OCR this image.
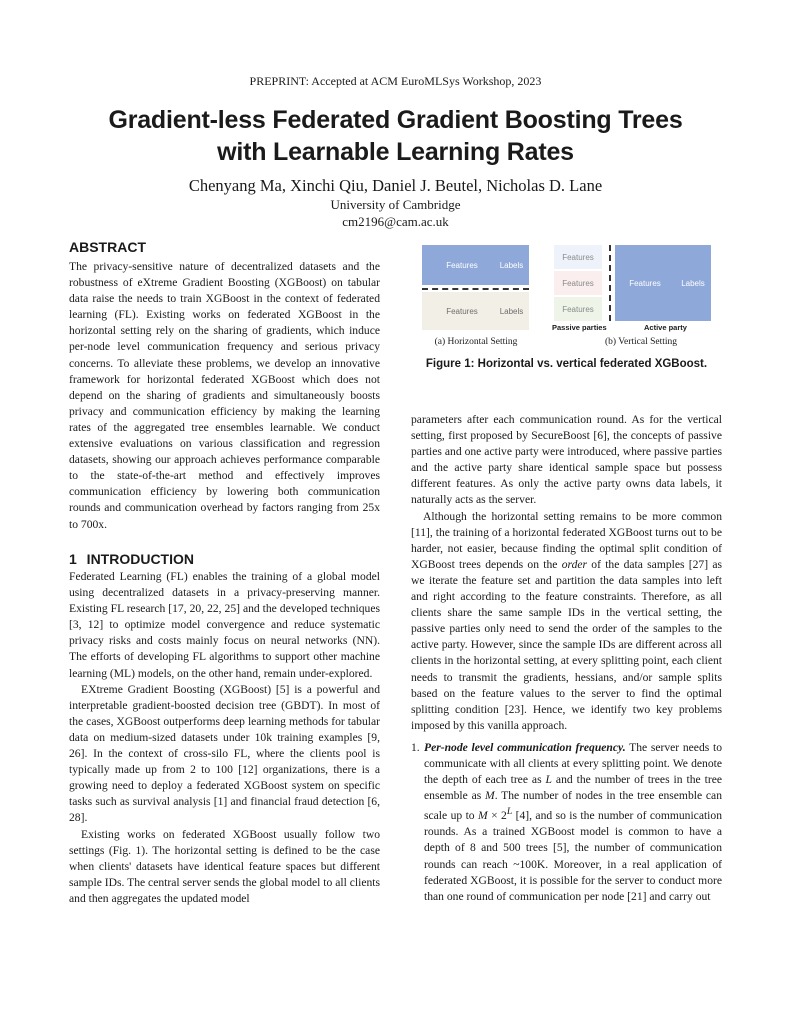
PREPRINT: Accepted at ACM EuroMLSys Workshop, 2023
Gradient-less Federated Gradient Boosting Trees
with Learnable Learning Rates
Chenyang Ma, Xinchi Qiu, Daniel J. Beutel, Nicholas D. Lane
University of Cambridge
cm2196@cam.ac.uk
ABSTRACT

The privacy-sensitive nature of decentralized datasets and the robustness of eXtreme Gradient Boosting (XGBoost) on tabular data raise the needs to train XGBoost in the context of federated learning (FL). Existing works on federated XGBoost in the horizontal setting rely on the sharing of gradients, which induce per-node level communication frequency and serious privacy concerns. To alleviate these problems, we develop an innovative framework for horizontal federated XGBoost which does not depend on the sharing of gradients and simultaneously boosts privacy and communication efficiency by making the learning rates of the aggregated tree ensembles learnable. We conduct extensive evaluations on various classification and regression datasets, showing our approach achieves performance comparable to the state-of-the-art method and effectively improves communication efficiency by lowering both communication rounds and communication overhead by factors ranging from 25x to 700x.

1 INTRODUCTION

Federated Learning (FL) enables the training of a global model using decentralized datasets in a privacy-preserving manner. Existing FL research [17, 20, 22, 25] and the developed techniques [3, 12] to optimize model convergence and reduce systematic privacy risks and costs mainly focus on neural networks (NN). The efforts of developing FL algorithms to support other machine learning (ML) models, on the other hand, remain under-explored.

EXtreme Gradient Boosting (XGBoost) [5] is a powerful and interpretable gradient-boosted decision tree (GBDT). In most of the cases, XGBoost outperforms deep learning methods for tabular data on medium-sized datasets under 10k training examples [9, 26]. In the context of cross-silo FL, where the clients pool is typically made up from 2 to 100 [12] organizations, there is a growing need to deploy a federated XGBoost system on specific tasks such as survival analysis [1] and financial fraud detection [6, 28].

Existing works on federated XGBoost usually follow two settings (Fig. 1). The horizontal setting is defined to be the case when clients' datasets have identical feature spaces but different sample IDs. The central server sends the global model to all clients and then aggregates the updated model

Features	Labels
Features	Labels
(a) Horizontal Setting
Features
Features
Features
Features	Labels
Passive parties	Active party
(b) Vertical Setting
Figure 1: Horizontal vs. vertical federated XGBoost.

parameters after each communication round. As for the vertical setting, first proposed by SecureBoost [6], the concepts of passive parties and one active party were introduced, where passive parties and the active party share identical sample space but possess different features. As only the active party owns data labels, it naturally acts as the server.

Although the horizontal setting remains to be more common [11], the training of a horizontal federated XGBoost turns out to be harder, not easier, because finding the optimal split condition of XGBoost trees depends on the order of the data samples [27] as we iterate the feature set and partition the data samples into left and right according to the feature constraints. Therefore, as all clients share the same sample IDs in the vertical setting, the passive parties only need to send the order of the samples to the active party. However, since the sample IDs are different across all clients in the horizontal setting, at every splitting point, each client needs to transmit the gradients, hessians, and/or sample splits based on the feature values to the server to find the optimal splitting condition [23]. Hence, we identify two key problems imposed by this vanilla approach.

1. Per-node level communication frequency. The server needs to communicate with all clients at every splitting point. We denote the depth of each tree as L and the number of trees in the tree ensemble as M. The number of nodes in the tree ensemble can scale up to $M \times 2^L$ [4], and so is the number of communication rounds. As a trained XGBoost model is common to have a depth of 8 and 500 trees [5], the number of communication rounds can reach ~100K. Moreover, in a real application of federated XGBoost, it is possible for the server to conduct more than one round of communication per node [21] and carry out
